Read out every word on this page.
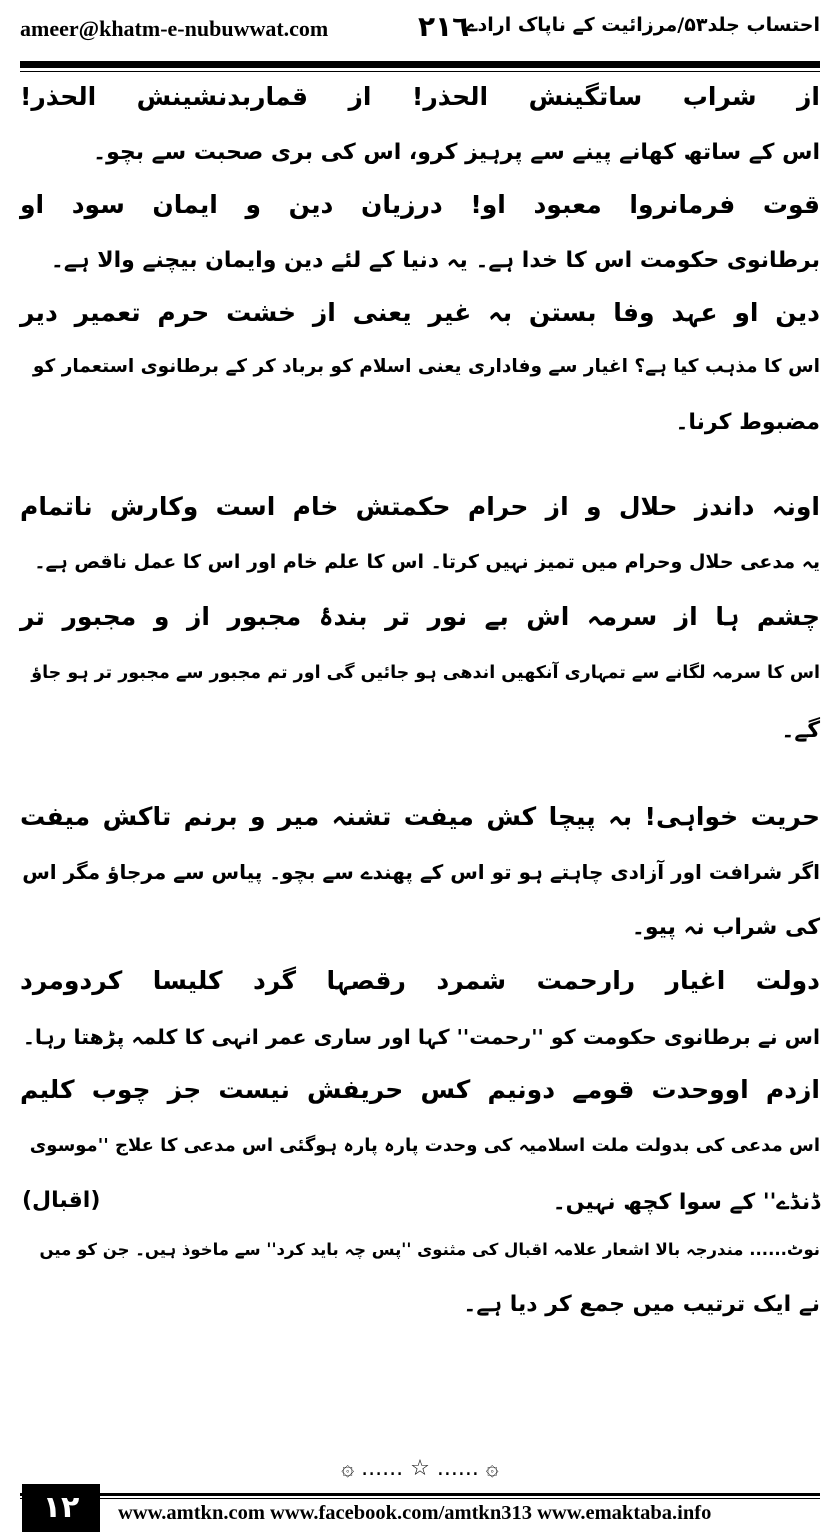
ameer@khatm-e-nubuwwat.com	۲۱٦
احتساب جلد۵۳/مرزائیت کے ناپاک ارادے
از شراب ساتگینش الحذر! از قماربدنشینش الحذر!
اس کے ساتھ کھانے پینے سے پرہیز کرو، اس کی بری صحبت سے بچو۔
قوت فرمانروا معبود او! درزیان دین و ایمان سود او
برطانوی حکومت اس کا خدا ہے۔ یہ دنیا کے لئے دین وایمان بیچنے والا ہے۔
دین او عہد وفا بستن بہ غیر یعنی از خشت حرم تعمیر دیر
اس کا مذہب کیا ہے؟ اغیار سے وفاداری یعنی اسلام کو برباد کر کے برطانوی استعمار کو
مضبوط کرنا۔
اونہ داندز حلال و از حرام حکمتش خام است وکارش ناتمام
یہ مدعی حلال وحرام میں تمیز نہیں کرتا۔ اس کا علم خام اور اس کا عمل ناقص ہے۔
چشم ہا از سرمہ اش بے نور تر بندۂ مجبور از و مجبور تر
اس کا سرمہ لگانے سے تمہاری آنکھیں اندھی ہو جائیں گی اور تم مجبور سے مجبور تر ہو جاؤ
گے۔
حریت خواہی! بہ پیچا کش میفت تشنہ میر و برنم تاکش میفت
اگر شرافت اور آزادی چاہتے ہو تو اس کے پھندے سے بچو۔ پیاس سے مرجاؤ مگر اس
کی شراب نہ پیو۔
دولت اغیار رارحمت شمرد رقصہا گرد کلیسا کردومرد
اس نے برطانوی حکومت کو ''رحمت'' کہا اور ساری عمر انہی کا کلمہ پڑھتا رہا۔
ازدم اووحدت قومے دونیم کس حریفش نیست جز چوب کلیم
اس مدعی کی بدولت ملت اسلامیہ کی وحدت پارہ پارہ ہوگئی اس مدعی کا علاج ''موسوی
ڈنڈے'' کے سوا کچھ نہیں۔
نوٹ...... مندرجہ بالا اشعار علامہ اقبال کی مثنوی ''پس چہ باید کرد'' سے ماخوذ ہیں۔ جن کو میں
نے ایک ترتیب میں جمع کر دیا ہے۔
(اقبال)
۞ ...... ☆ ...... ۞
۱۲	www.amtkn.com www.facebook.com/amtkn313 www.emaktaba.info
